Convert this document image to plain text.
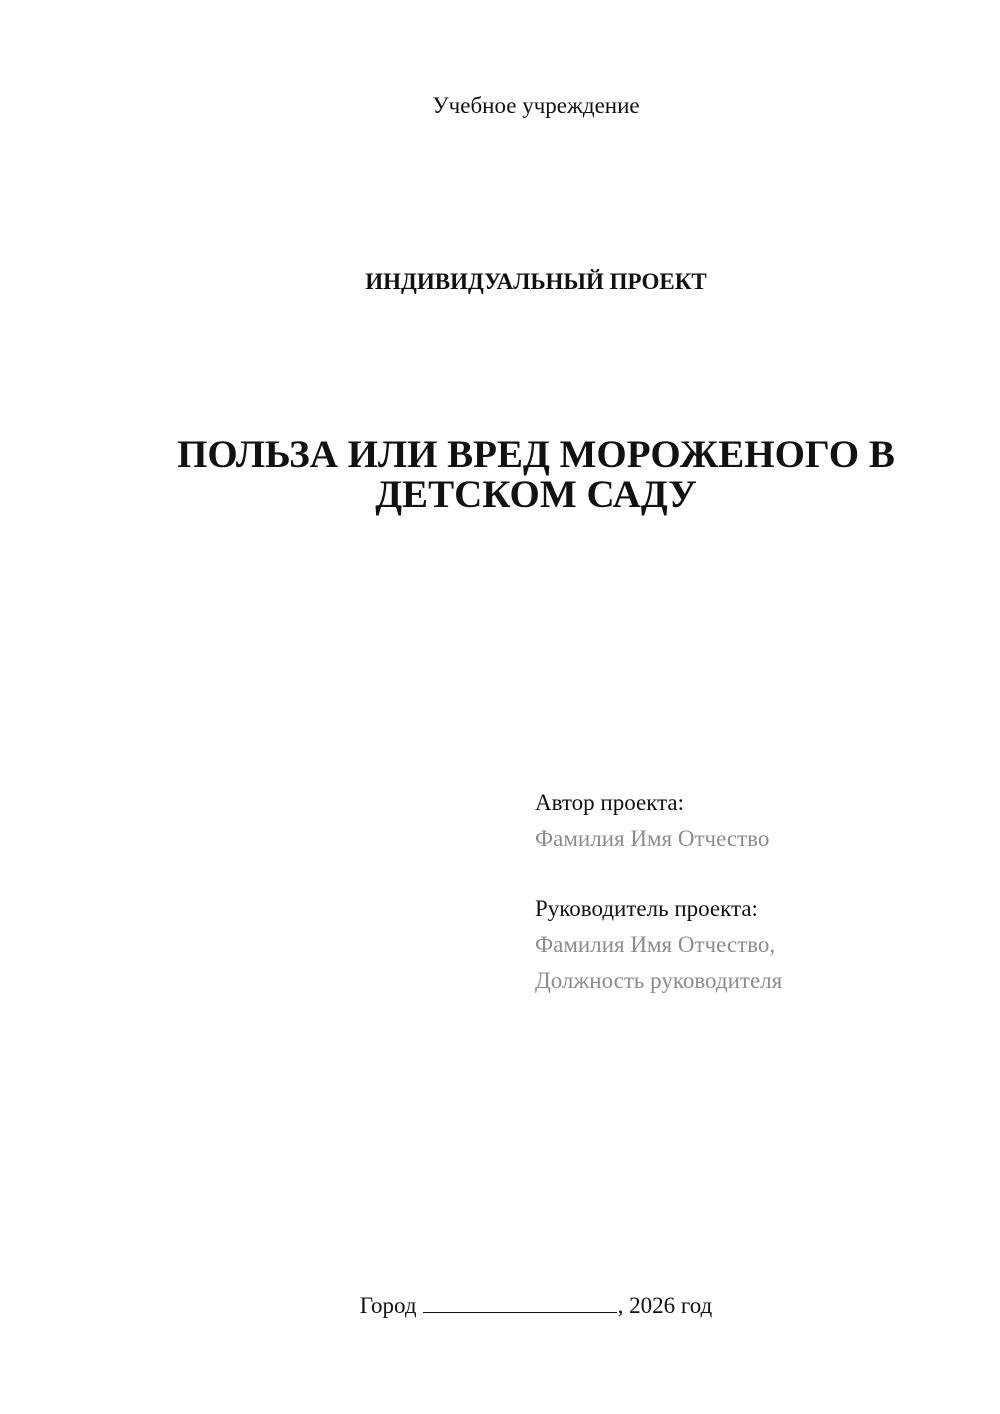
Учебное учреждение
ИНДИВИДУАЛЬНЫЙ ПРОЕКТ
ПОЛЬЗА ИЛИ ВРЕД МОРОЖЕНОГО В
ДЕТСКОМ САДУ
Автор проекта:
Фамилия Имя Отчество
Руководитель проекта:
Фамилия Имя Отчество,
Должность руководителя
Город	, 2026 год
